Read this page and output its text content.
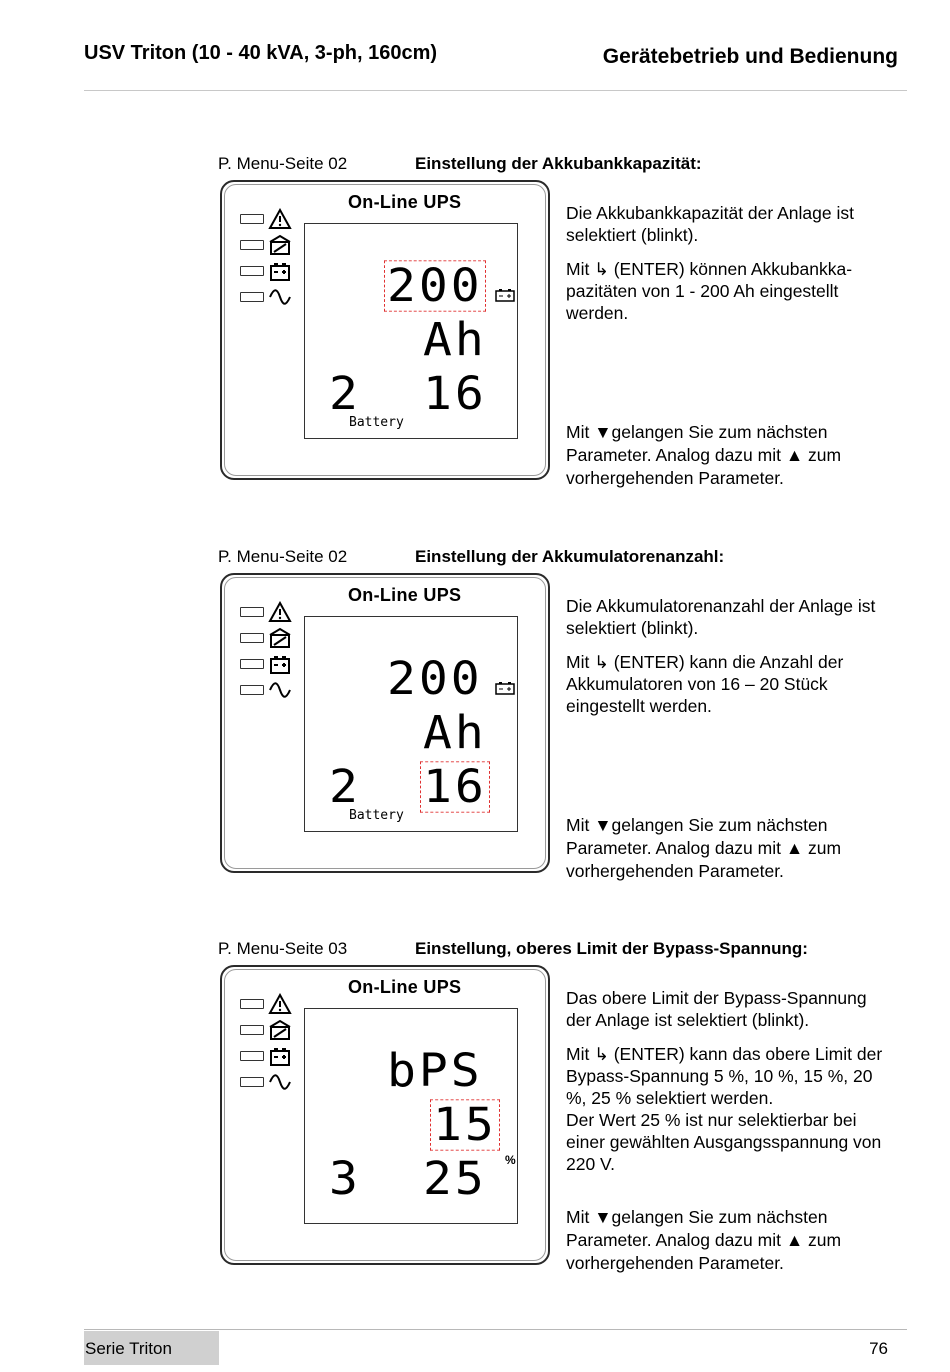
USV Triton (10 - 40 kVA, 3-ph, 160cm)	Gerätebetrieb und Bedienung
P. Menu-Seite 02	Einstellung der Akkubankkapazität:
On-Line UPS
200
Ah
2 16
Battery

Die Akkubankkapazität der Anlage ist selektiert (blinkt).

Mit ↳ (ENTER) können Akkubankka-pazitäten von 1 - 200 Ah eingestellt werden.

Mit ▼gelangen Sie zum nächsten Parameter. Analog dazu mit ▲ zum vorhergehenden Parameter.
P. Menu-Seite 02	Einstellung der Akkumulatorenanzahl:
On-Line UPS
200
Ah
2 16
Battery

Die Akkumulatorenanzahl der Anlage ist selektiert (blinkt).

Mit ↳ (ENTER) kann die Anzahl der Akkumulatoren von 16 – 20 Stück eingestellt werden.

Mit ▼gelangen Sie zum nächsten Parameter. Analog dazu mit ▲ zum vorhergehenden Parameter.
P. Menu-Seite 03	Einstellung, oberes Limit der Bypass-Spannung:
On-Line UPS
bPS
15
3 25 %

Das obere Limit der Bypass-Spannung der Anlage ist selektiert (blinkt).

Mit ↳ (ENTER) kann das obere Limit der Bypass-Spannung 5 %, 10 %, 15 %, 20 %, 25 % selektiert werden.

Der Wert 25 % ist nur selektierbar bei einer gewählten Ausgangsspannung von 220 V.

Mit ▼gelangen Sie zum nächsten Parameter. Analog dazu mit ▲ zum vorhergehenden Parameter.
Serie Triton	76
